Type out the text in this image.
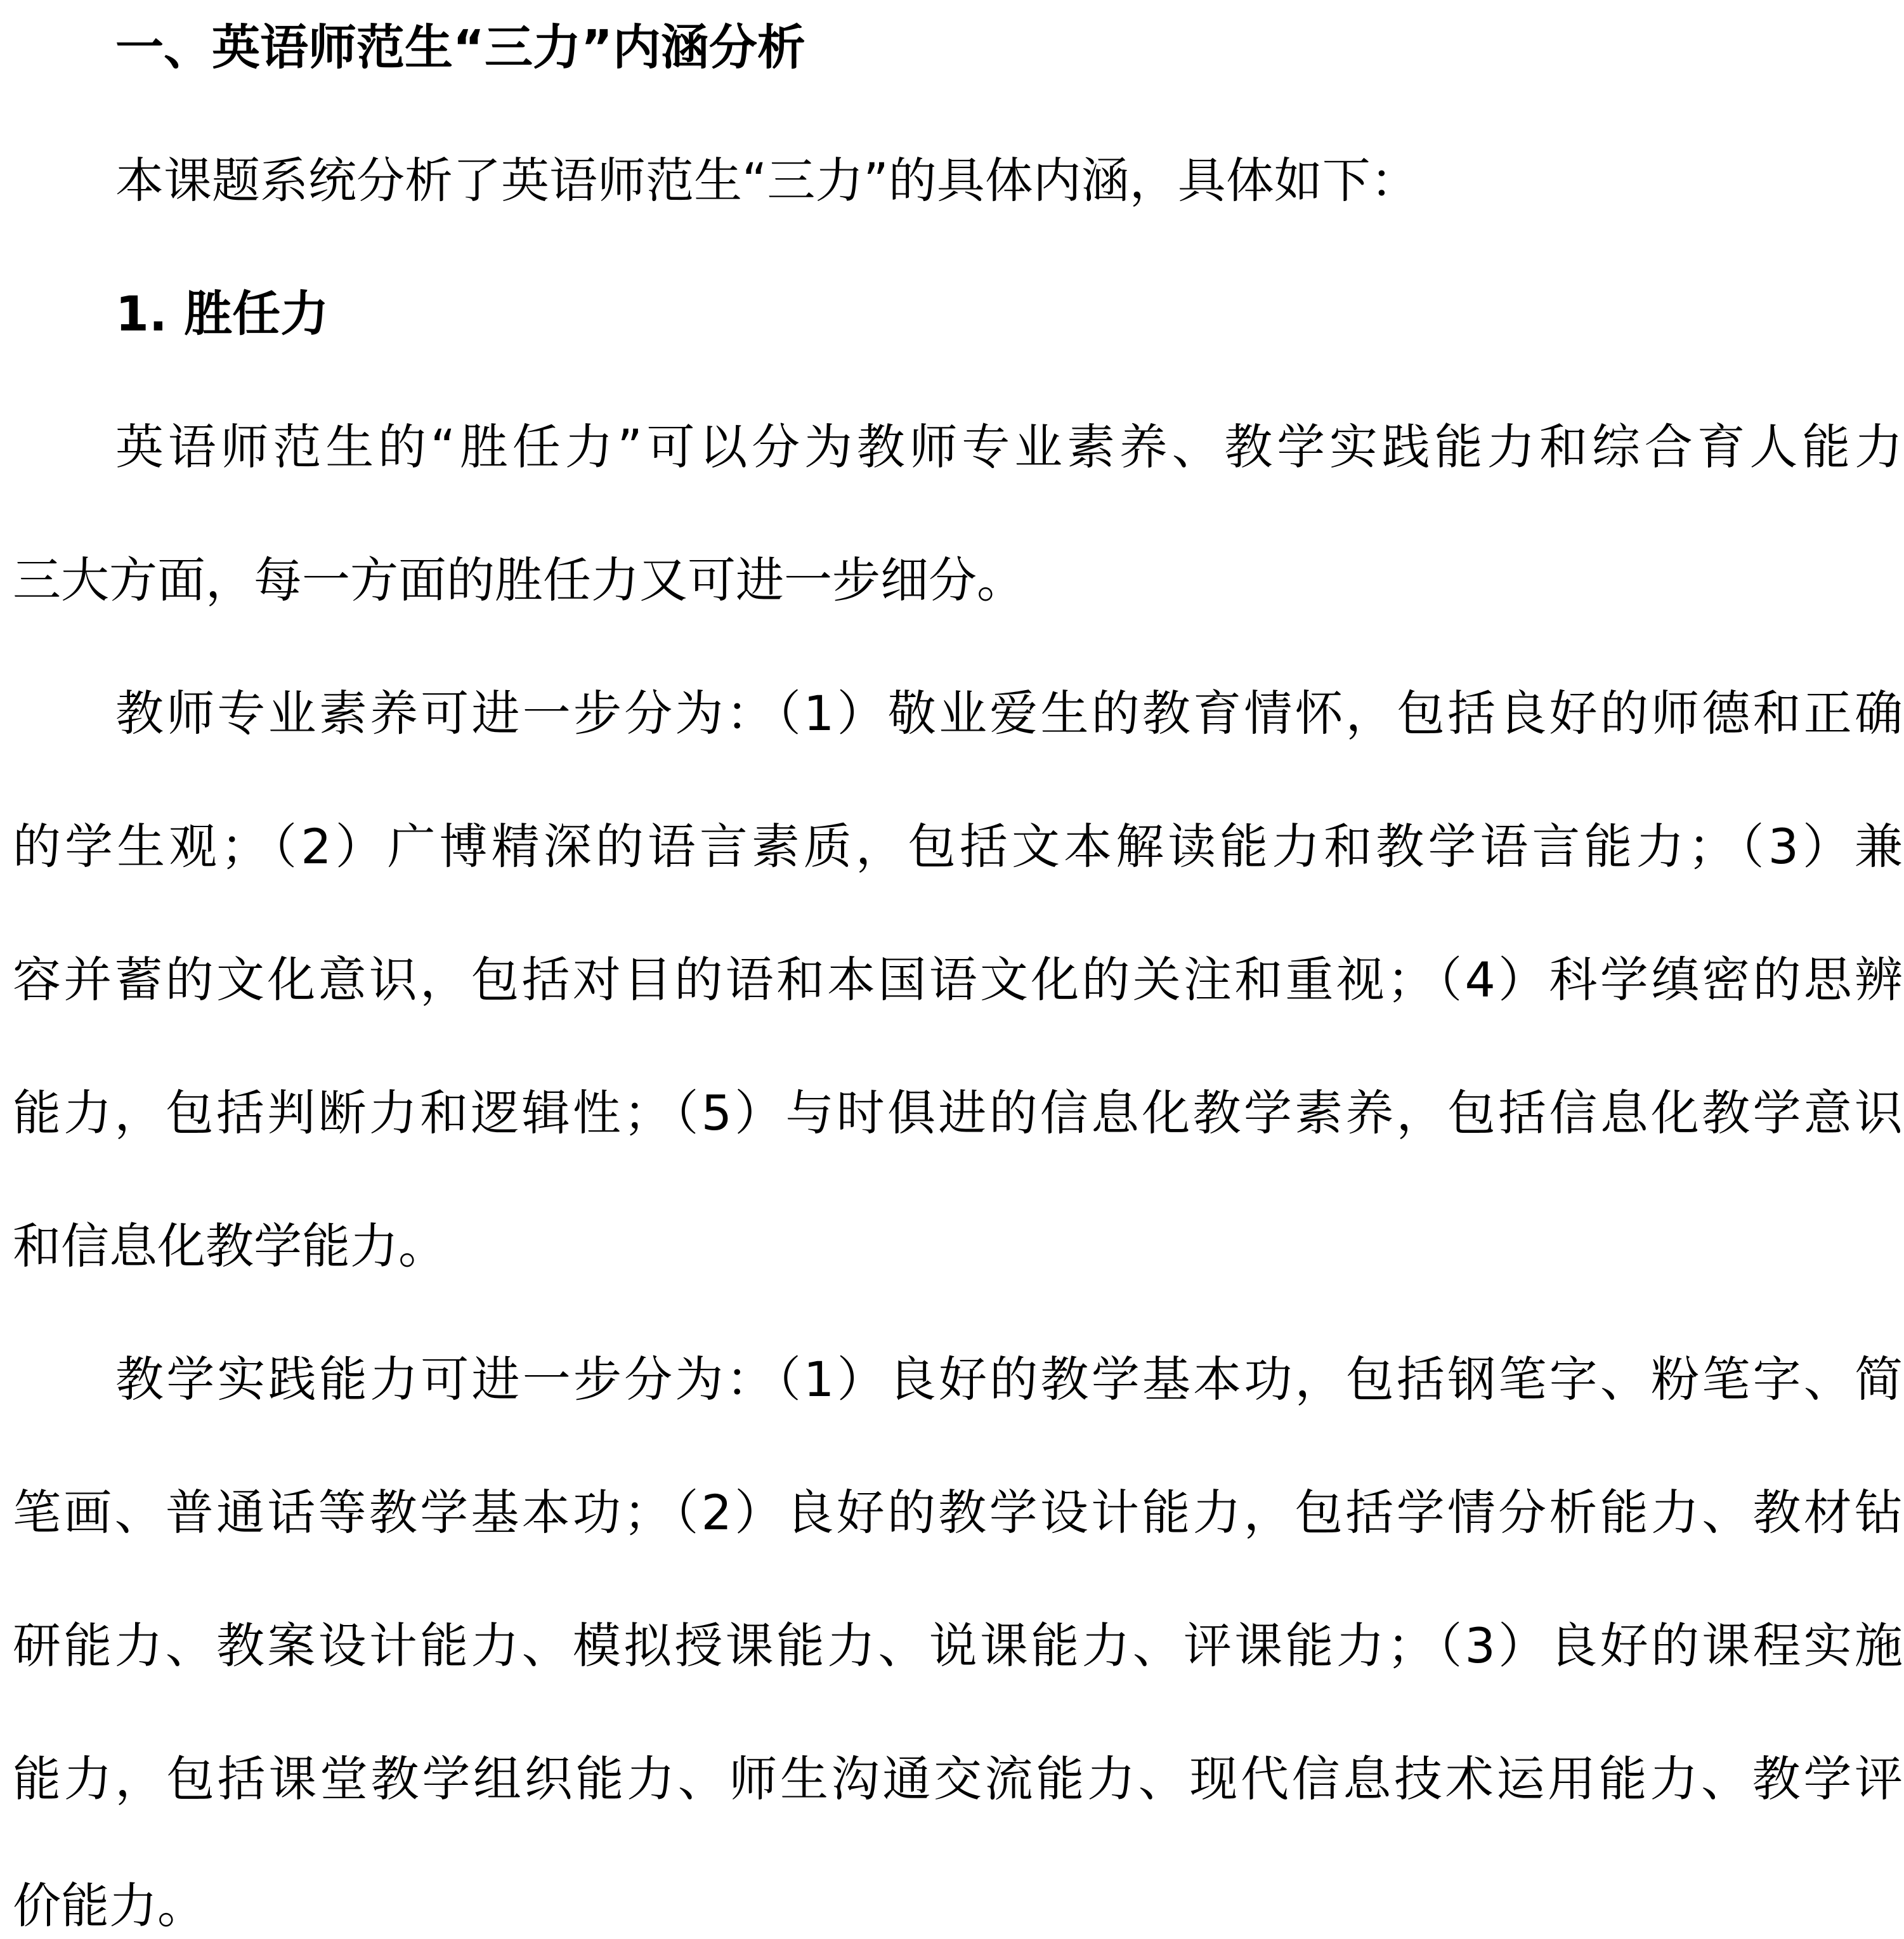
一、英语师范生“三力”内涵分析
本课题系统分析了英语师范生“三力”的具体内涵，具体如下：
1. 胜任力
英语师范生的“胜任力”可以分为教师专业素养、教学实践能力和综合育人能力
三大方面，每一方面的胜任力又可进一步细分。
教师专业素养可进一步分为：（1）敬业爱生的教育情怀，包括良好的师德和正确
的学生观；（2）广博精深的语言素质，包括文本解读能力和教学语言能力；（3）兼
容并蓄的文化意识，包括对目的语和本国语文化的关注和重视；（4）科学缜密的思辨
能力，包括判断力和逻辑性；（5）与时俱进的信息化教学素养，包括信息化教学意识
和信息化教学能力。
教学实践能力可进一步分为：（1）良好的教学基本功，包括钢笔字、粉笔字、简
笔画、普通话等教学基本功；（2）良好的教学设计能力，包括学情分析能力、教材钻
研能力、教案设计能力、模拟授课能力、说课能力、评课能力；（3）良好的课程实施
能力，包括课堂教学组织能力、师生沟通交流能力、现代信息技术运用能力、教学评
价能力。
